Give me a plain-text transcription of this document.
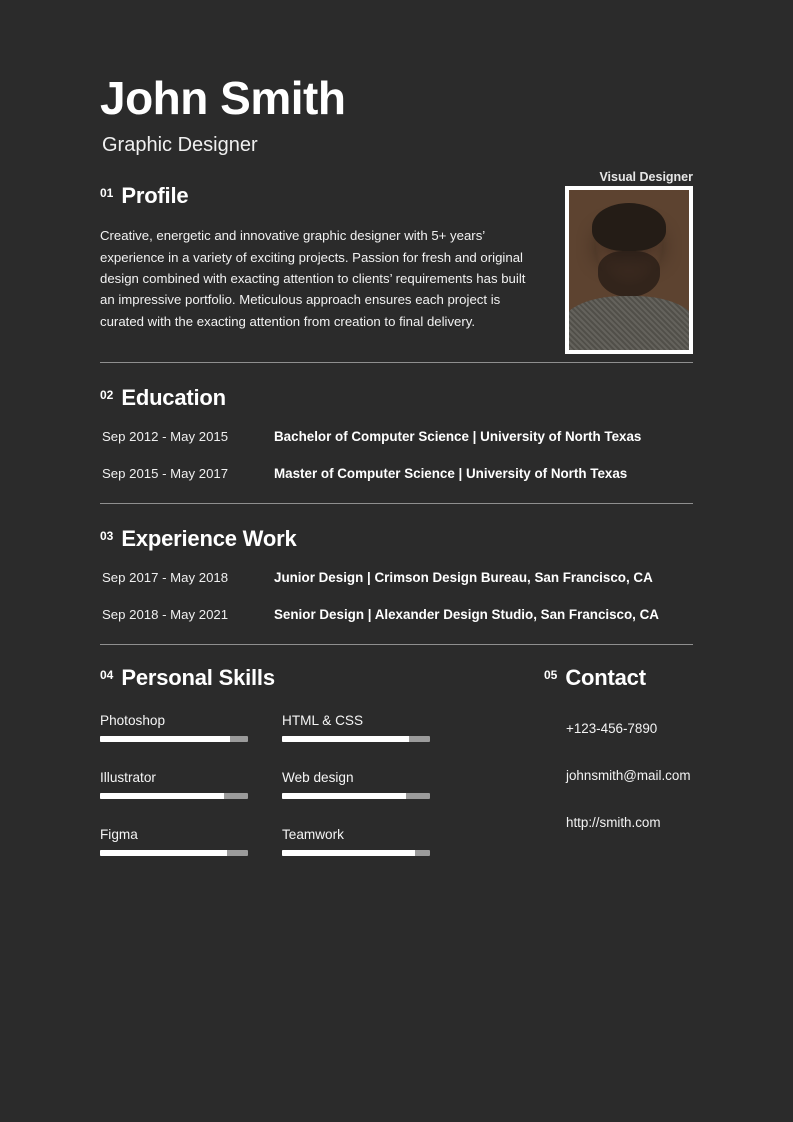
John Smith
Graphic Designer
Visual Designer
01 Profile
Creative, energetic and innovative graphic designer with 5+ years’ experience in a variety of exciting projects. Passion for fresh and original design combined with exacting attention to clients’ requirements has built an impressive portfolio. Meticulous approach ensures each project is curated with the exacting attention from creation to final delivery.
02 Education
Sep 2012 - May 2015	Bachelor of Computer Science | University of North Texas
Sep 2015 - May 2017	Master of Computer Science | University of North Texas
03 Experience Work
Sep 2017 - May 2018	Junior Design | Crimson Design Bureau, San Francisco, CA
Sep 2018 - May 2021	Senior Design | Alexander Design Studio, San Francisco, CA
04 Personal Skills
Photoshop
Illustrator
Figma
HTML & CSS
Web design
Teamwork
05 Contact
+123-456-7890
johnsmith@mail.com
http://smith.com
